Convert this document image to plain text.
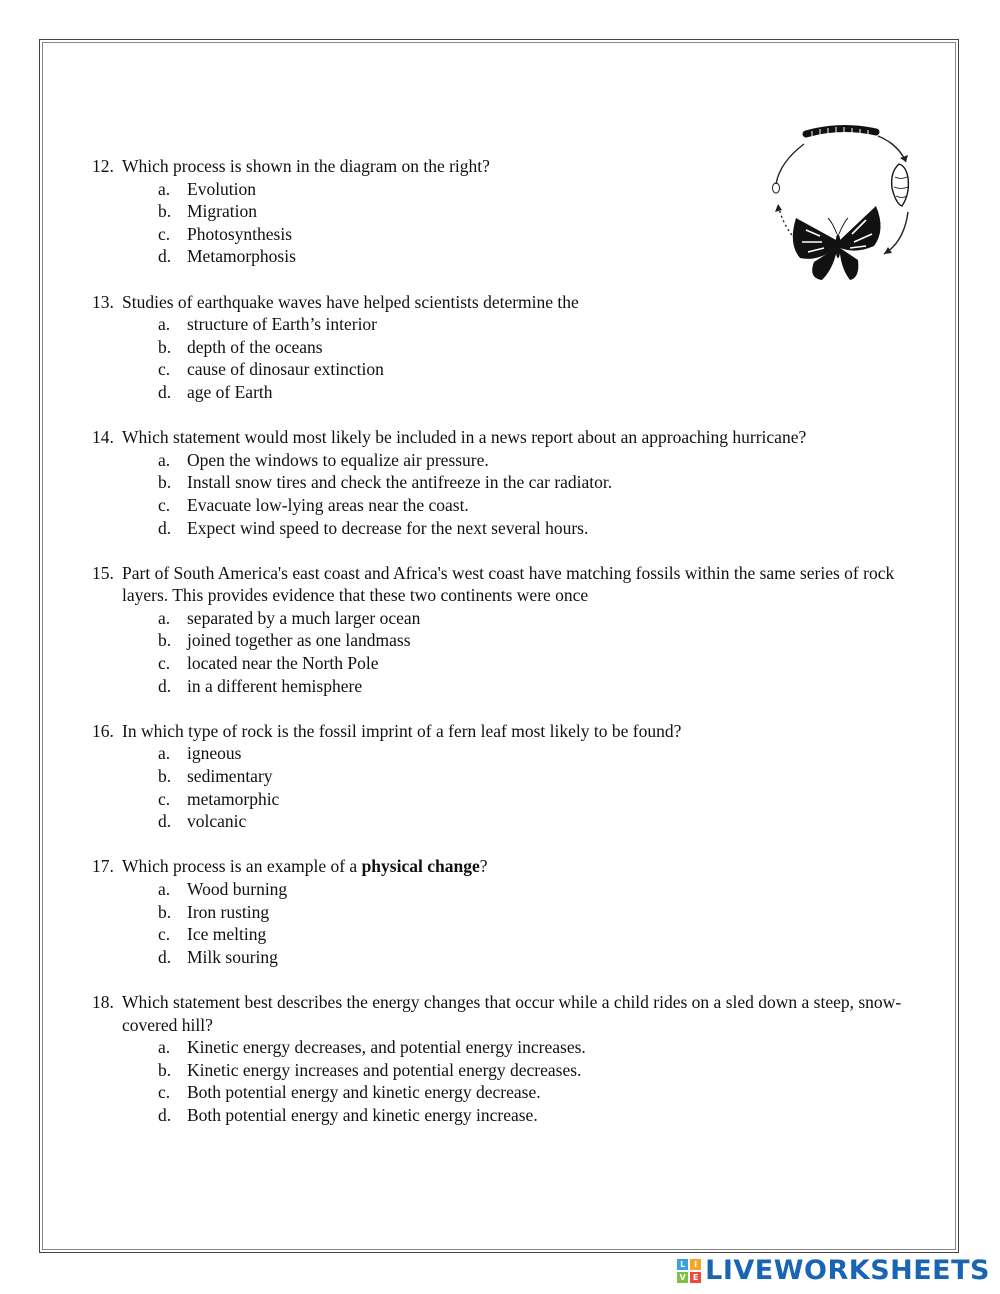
12. Which process is shown in the diagram on the right?
a. Evolution
b. Migration
c. Photosynthesis
d. Metamorphosis
13. Studies of earthquake waves have helped scientists determine the
a. structure of Earth’s interior
b. depth of the oceans
c. cause of dinosaur extinction
d. age of Earth
14. Which statement would most likely be included in a news report about an approaching hurricane?
a. Open the windows to equalize air pressure.
b. Install snow tires and check the antifreeze in the car radiator.
c. Evacuate low-lying areas near the coast.
d. Expect wind speed to decrease for the next several hours.
15. Part of South America's east coast and Africa's west coast have matching fossils within the same series of rock layers. This provides evidence that these two continents were once
a. separated by a much larger ocean
b. joined together as one landmass
c. located near the North Pole
d. in a different hemisphere
16. In which type of rock is the fossil imprint of a fern leaf most likely to be found?
a. igneous
b. sedimentary
c. metamorphic
d. volcanic
17. Which process is an example of a physical change?
a. Wood burning
b. Iron rusting
c. Ice melting
d. Milk souring
18. Which statement best describes the energy changes that occur while a child rides on a sled down a steep, snow-covered hill?
a. Kinetic energy decreases, and potential energy increases.
b. Kinetic energy increases and potential energy decreases.
c. Both potential energy and kinetic energy decrease.
d. Both potential energy and kinetic energy increase.
L	I
V E LIVEWORKSHEETS
